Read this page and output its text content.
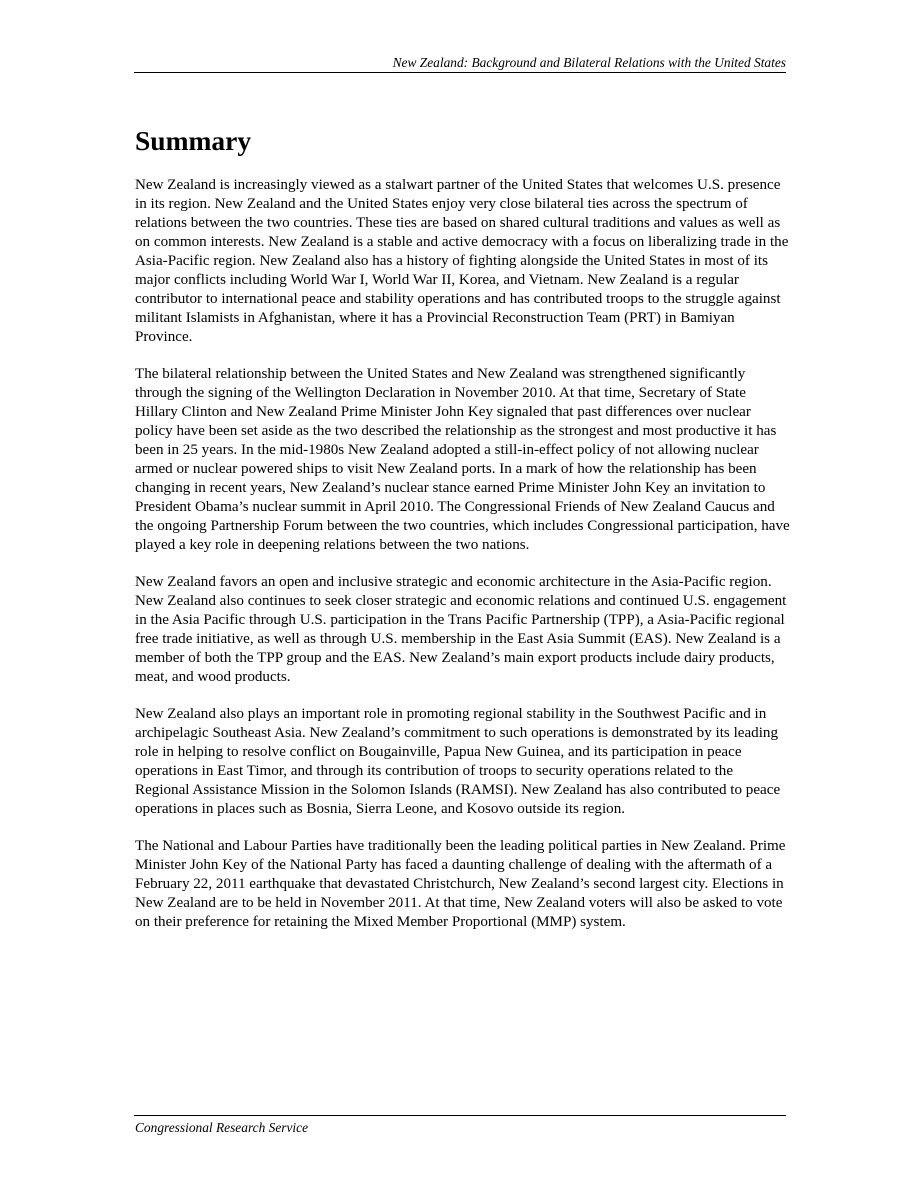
New Zealand: Background and Bilateral Relations with the United States
Summary

New Zealand is increasingly viewed as a stalwart partner of the United States that welcomes U.S. presence in its region. New Zealand and the United States enjoy very close bilateral ties across the spectrum of relations between the two countries. These ties are based on shared cultural traditions and values as well as on common interests. New Zealand is a stable and active democracy with a focus on liberalizing trade in the Asia-Pacific region. New Zealand also has a history of fighting alongside the United States in most of its major conflicts including World War I, World War II, Korea, and Vietnam. New Zealand is a regular contributor to international peace and stability operations and has contributed troops to the struggle against militant Islamists in Afghanistan, where it has a Provincial Reconstruction Team (PRT) in Bamiyan Province.

The bilateral relationship between the United States and New Zealand was strengthened significantly through the signing of the Wellington Declaration in November 2010. At that time, Secretary of State Hillary Clinton and New Zealand Prime Minister John Key signaled that past differences over nuclear policy have been set aside as the two described the relationship as the strongest and most productive it has been in 25 years. In the mid-1980s New Zealand adopted a still-in-effect policy of not allowing nuclear armed or nuclear powered ships to visit New Zealand ports. In a mark of how the relationship has been changing in recent years, New Zealand’s nuclear stance earned Prime Minister John Key an invitation to President Obama’s nuclear summit in April 2010. The Congressional Friends of New Zealand Caucus and the ongoing Partnership Forum between the two countries, which includes Congressional participation, have played a key role in deepening relations between the two nations.

New Zealand favors an open and inclusive strategic and economic architecture in the Asia-Pacific region. New Zealand also continues to seek closer strategic and economic relations and continued U.S. engagement in the Asia Pacific through U.S. participation in the Trans Pacific Partnership (TPP), a Asia-Pacific regional free trade initiative, as well as through U.S. membership in the East Asia Summit (EAS). New Zealand is a member of both the TPP group and the EAS. New Zealand’s main export products include dairy products, meat, and wood products.

New Zealand also plays an important role in promoting regional stability in the Southwest Pacific and in archipelagic Southeast Asia. New Zealand’s commitment to such operations is demonstrated by its leading role in helping to resolve conflict on Bougainville, Papua New Guinea, and its participation in peace operations in East Timor, and through its contribution of troops to security operations related to the Regional Assistance Mission in the Solomon Islands (RAMSI). New Zealand has also contributed to peace operations in places such as Bosnia, Sierra Leone, and Kosovo outside its region.

The National and Labour Parties have traditionally been the leading political parties in New Zealand. Prime Minister John Key of the National Party has faced a daunting challenge of dealing with the aftermath of a February 22, 2011 earthquake that devastated Christchurch, New Zealand’s second largest city. Elections in New Zealand are to be held in November 2011. At that time, New Zealand voters will also be asked to vote on their preference for retaining the Mixed Member Proportional (MMP) system.

Congressional Research Service
